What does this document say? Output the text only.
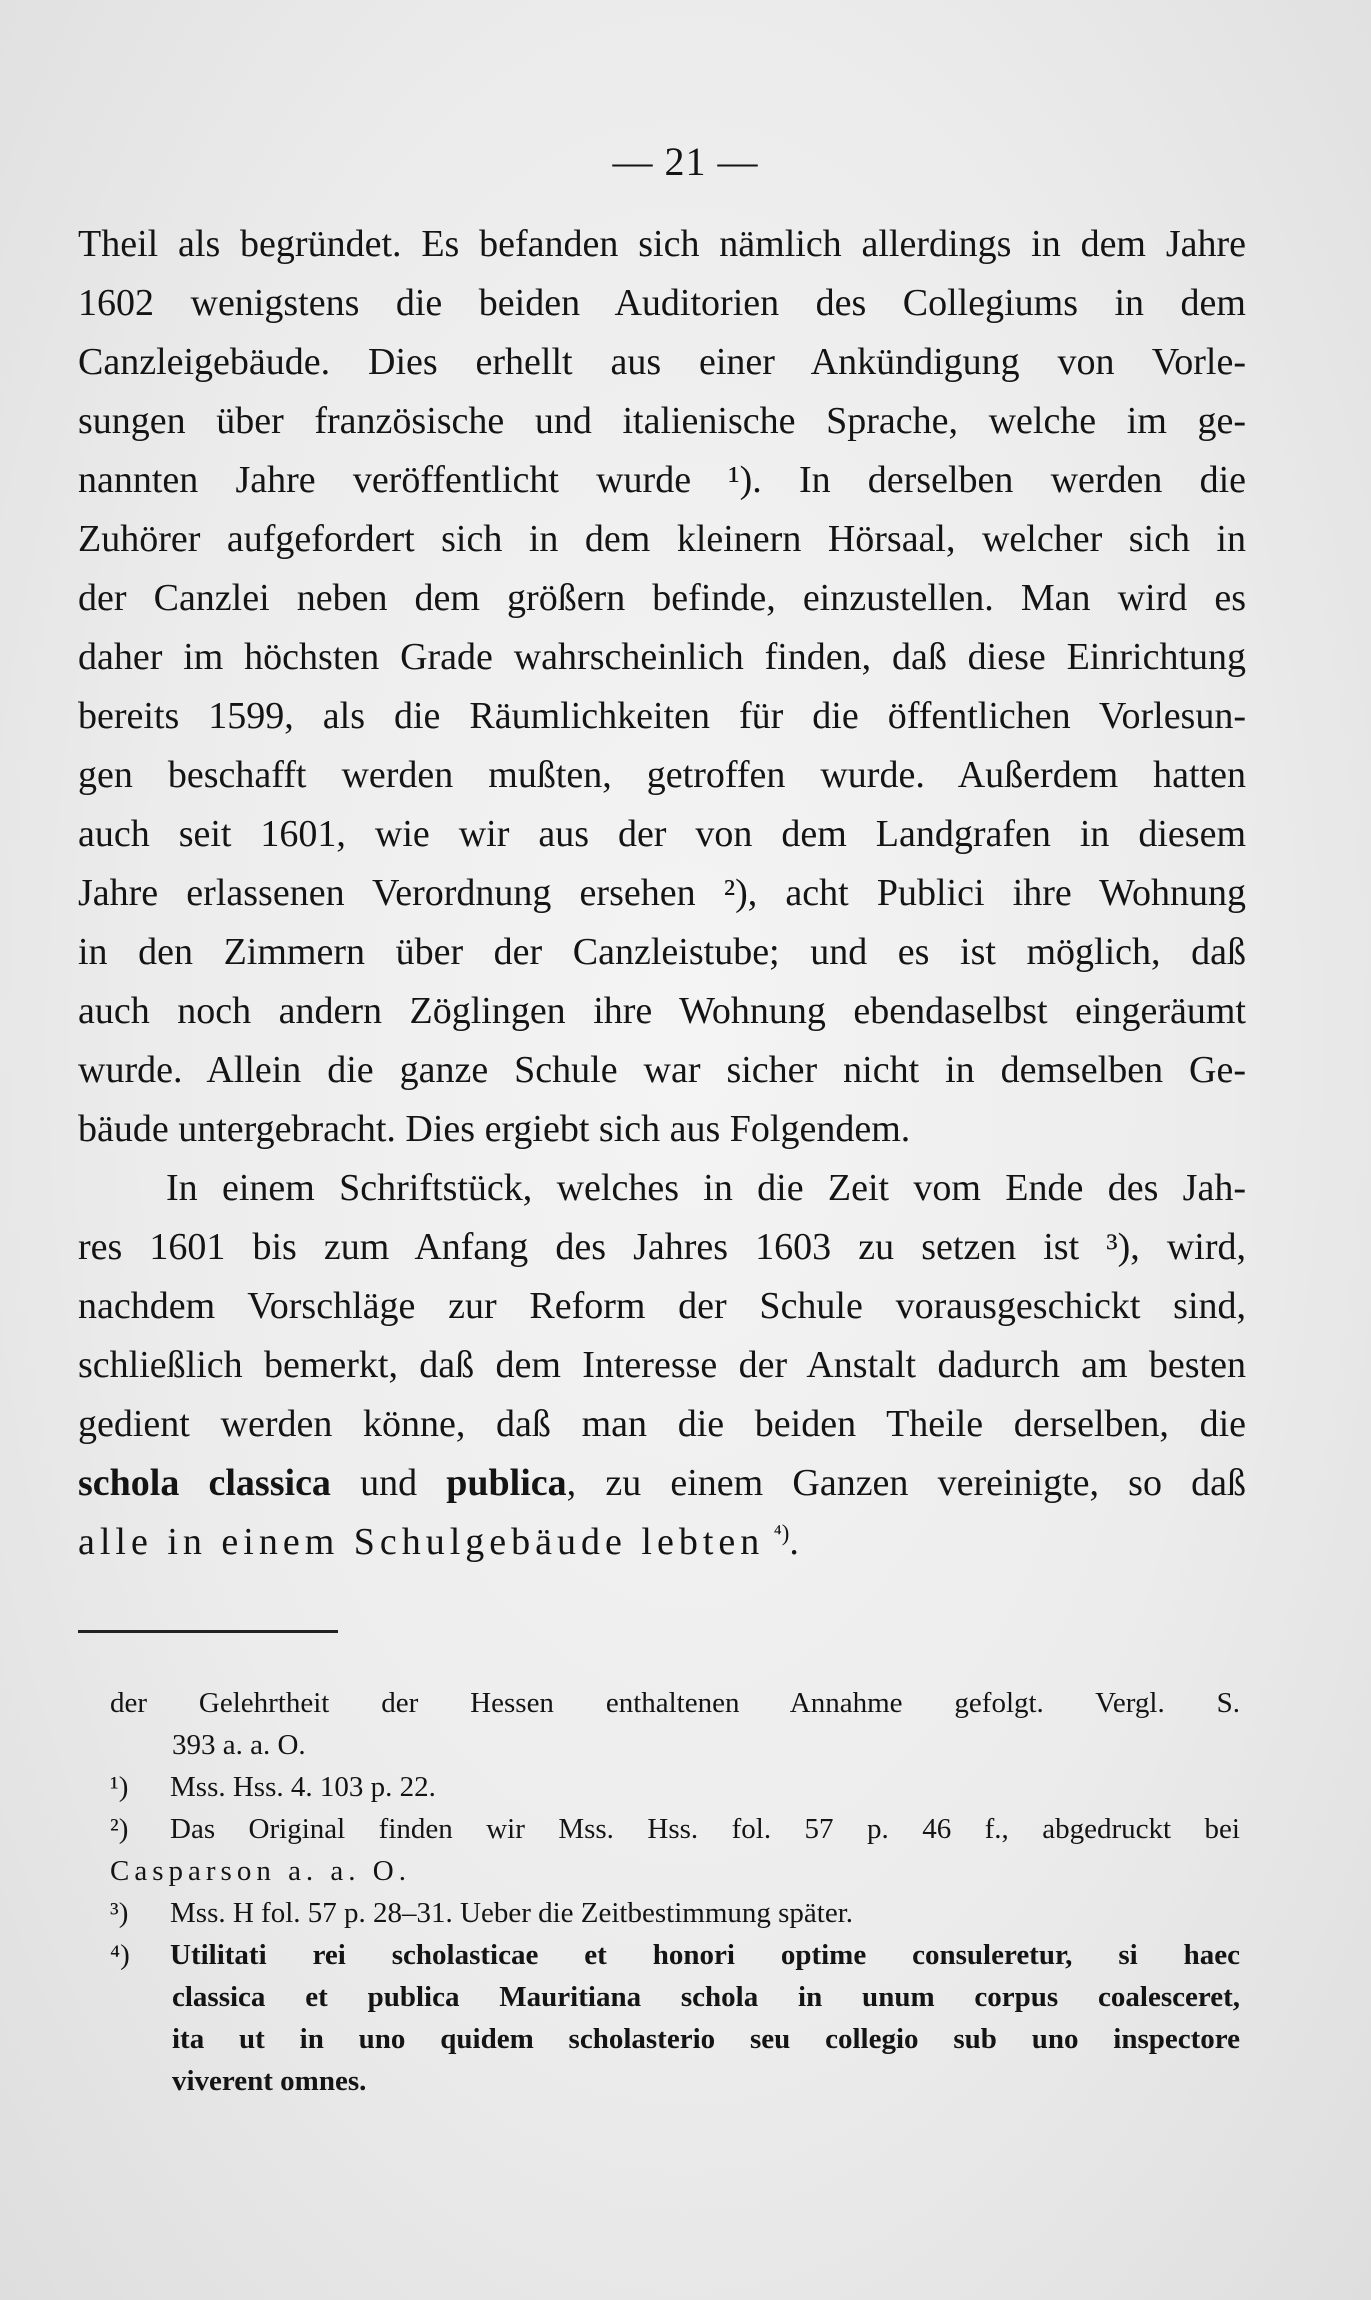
— 21 —
Theil als begründet. Es befanden sich nämlich allerdings in dem Jahre
1602 wenigstens die beiden Auditorien des Collegiums in dem
Canzleigebäude. Dies erhellt aus einer Ankündigung von Vorle-
sungen über französische und italienische Sprache, welche im ge-
nannten Jahre veröffentlicht wurde ¹). In derselben werden die
Zuhörer aufgefordert sich in dem kleinern Hörsaal, welcher sich in
der Canzlei neben dem größern befinde, einzustellen. Man wird es
daher im höchsten Grade wahrscheinlich finden, daß diese Einrichtung
bereits 1599, als die Räumlichkeiten für die öffentlichen Vorlesun-
gen beschafft werden mußten, getroffen wurde. Außerdem hatten
auch seit 1601, wie wir aus der von dem Landgrafen in diesem
Jahre erlassenen Verordnung ersehen ²), acht Publici ihre Wohnung
in den Zimmern über der Canzleistube; und es ist möglich, daß
auch noch andern Zöglingen ihre Wohnung ebendaselbst eingeräumt
wurde. Allein die ganze Schule war sicher nicht in demselben Ge-
bäude untergebracht. Dies ergiebt sich aus Folgendem.
In einem Schriftstück, welches in die Zeit vom Ende des Jah-
res 1601 bis zum Anfang des Jahres 1603 zu setzen ist ³), wird,
nachdem Vorschläge zur Reform der Schule vorausgeschickt sind,
schließlich bemerkt, daß dem Interesse der Anstalt dadurch am besten
gedient werden könne, daß man die beiden Theile derselben, die
schola classica und publica, zu einem Ganzen vereinigte, so daß
alle in einem Schulgebäude lebten $^{^4)}$.
der Gelehrtheit der Hessen enthaltenen Annahme gefolgt. Vergl. S.
393 a. a. O.
¹) Mss. Hss. 4. 103 p. 22.
²) Das Original finden wir Mss. Hss. fol. 57 p. 46 f., abgedruckt bei
Casparson a. a. O.
³) Mss. H fol. 57 p. 28–31. Ueber die Zeitbestimmung später.
⁴) Utilitati rei scholasticae et honori optime consuleretur, si haec
classica et publica Mauritiana schola in unum corpus coalesceret,
ita ut in uno quidem scholasterio seu collegio sub uno inspectore
viverent omnes.
